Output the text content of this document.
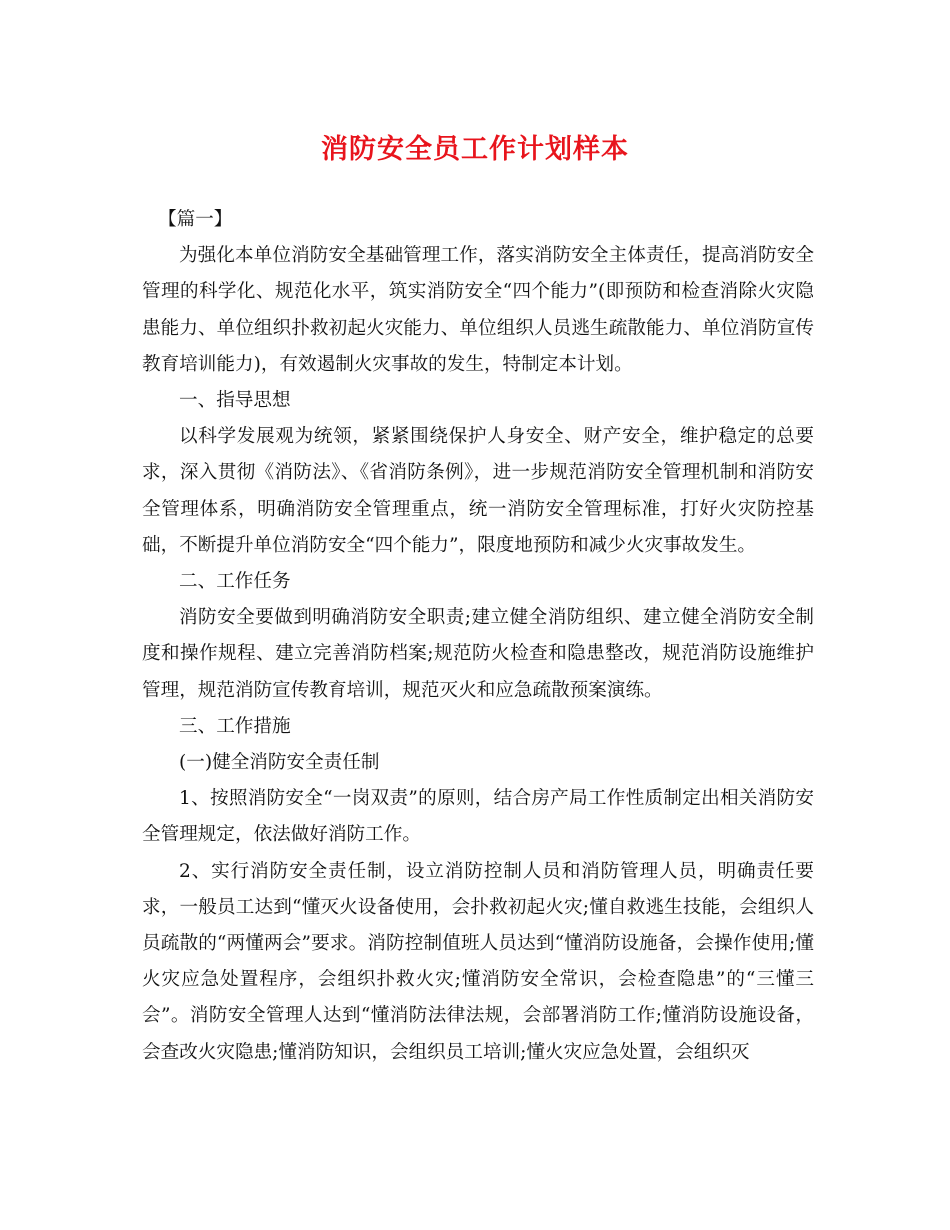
消防安全员工作计划样本

【篇一】

为强化本单位消防安全基础管理工作，落实消防安全主体责任，提高消防安全管理的科学化、规范化水平，筑实消防安全“四个能力”(即预防和检查消除火灾隐患能力、单位组织扑救初起火灾能力、单位组织人员逃生疏散能力、单位消防宣传教育培训能力)，有效遏制火灾事故的发生，特制定本计划。

一、指导思想

以科学发展观为统领，紧紧围绕保护人身安全、财产安全，维护稳定的总要求，深入贯彻《消防法》、《省消防条例》，进一步规范消防安全管理机制和消防安全管理体系，明确消防安全管理重点，统一消防安全管理标准，打好火灾防控基础，不断提升单位消防安全“四个能力”，限度地预防和减少火灾事故发生。

二、工作任务

消防安全要做到明确消防安全职责;建立健全消防组织、建立健全消防安全制度和操作规程、建立完善消防档案;规范防火检查和隐患整改，规范消防设施维护管理，规范消防宣传教育培训，规范灭火和应急疏散预案演练。

三、工作措施

(一)健全消防安全责任制

1、按照消防安全“一岗双责”的原则，结合房产局工作性质制定出相关消防安全管理规定，依法做好消防工作。

2、实行消防安全责任制，设立消防控制人员和消防管理人员，明确责任要求，一般员工达到“懂灭火设备使用，会扑救初起火灾;懂自救逃生技能，会组织人员疏散的“两懂两会”要求。消防控制值班人员达到“懂消防设施备，会操作使用;懂火灾应急处置程序，会组织扑救火灾;懂消防安全常识，会检查隐患”的“三懂三会”。消防安全管理人达到“懂消防法律法规，会部署消防工作;懂消防设施设备，会查改火灾隐患;懂消防知识，会组织员工培训;懂火灾应急处置，会组织灭
